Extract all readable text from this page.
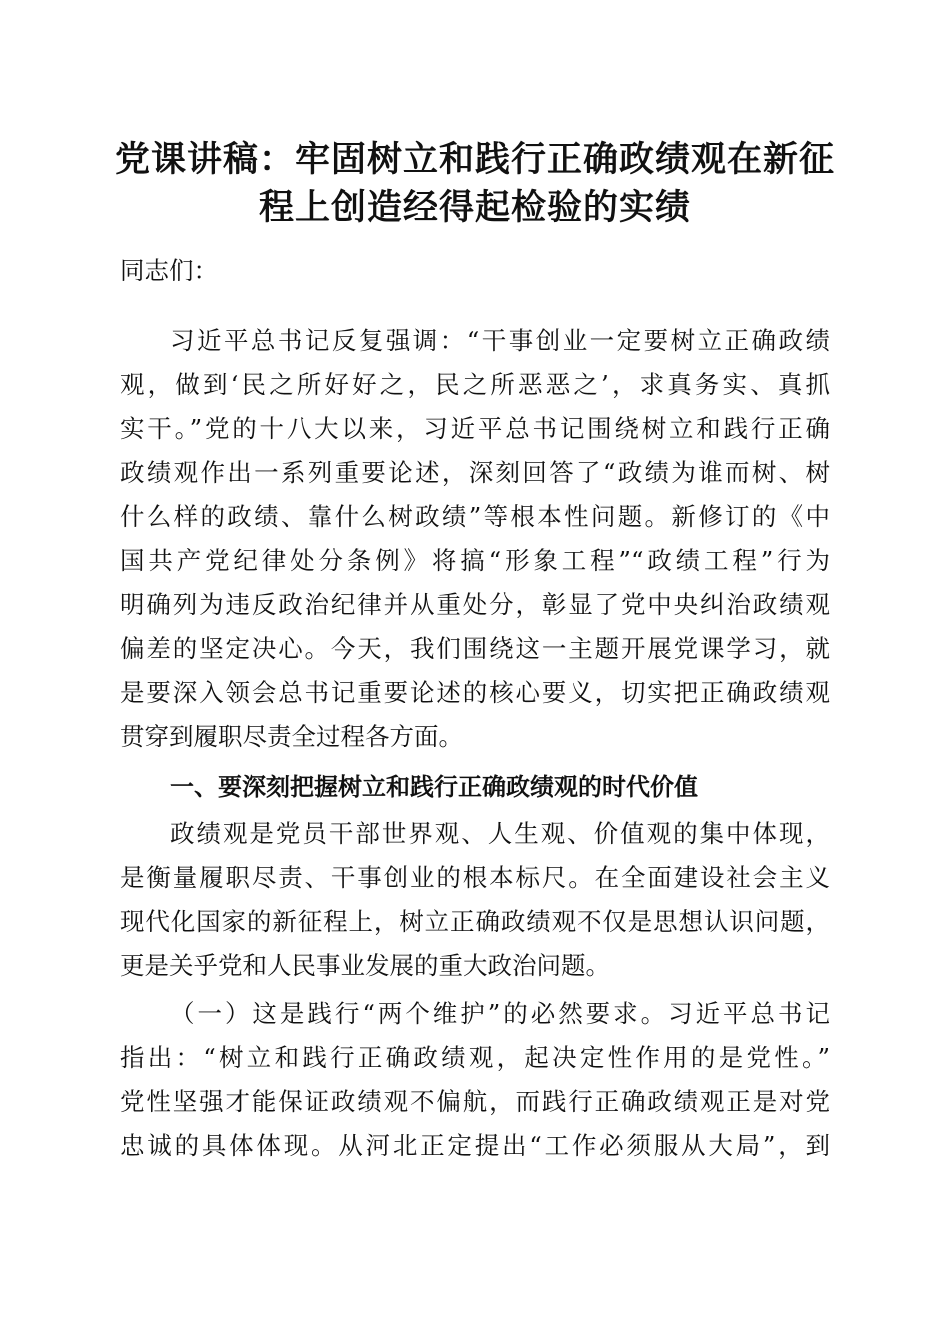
党课讲稿：牢固树立和践行正确政绩观在新征
程上创造经得起检验的实绩
同志们：
习近平总书记反复强调：“干事创业一定要树立正确政绩
观，做到‘民之所好好之，民之所恶恶之’，求真务实、真抓
实干。”党的十八大以来，习近平总书记围绕树立和践行正确
政绩观作出一系列重要论述，深刻回答了“政绩为谁而树、树
什么样的政绩、靠什么树政绩”等根本性问题。新修订的《中
国共产党纪律处分条例》将搞“形象工程”“政绩工程”行为
明确列为违反政治纪律并从重处分，彰显了党中央纠治政绩观
偏差的坚定决心。今天，我们围绕这一主题开展党课学习，就
是要深入领会总书记重要论述的核心要义，切实把正确政绩观
贯穿到履职尽责全过程各方面。
一、要深刻把握树立和践行正确政绩观的时代价值
政绩观是党员干部世界观、人生观、价值观的集中体现，
是衡量履职尽责、干事创业的根本标尺。在全面建设社会主义
现代化国家的新征程上，树立正确政绩观不仅是思想认识问题，
更是关乎党和人民事业发展的重大政治问题。
（一）这是践行“两个维护”的必然要求。习近平总书记
指出：“树立和践行正确政绩观，起决定性作用的是党性。”
党性坚强才能保证政绩观不偏航，而践行正确政绩观正是对党
忠诚的具体体现。从河北正定提出“工作必须服从大局”，到
